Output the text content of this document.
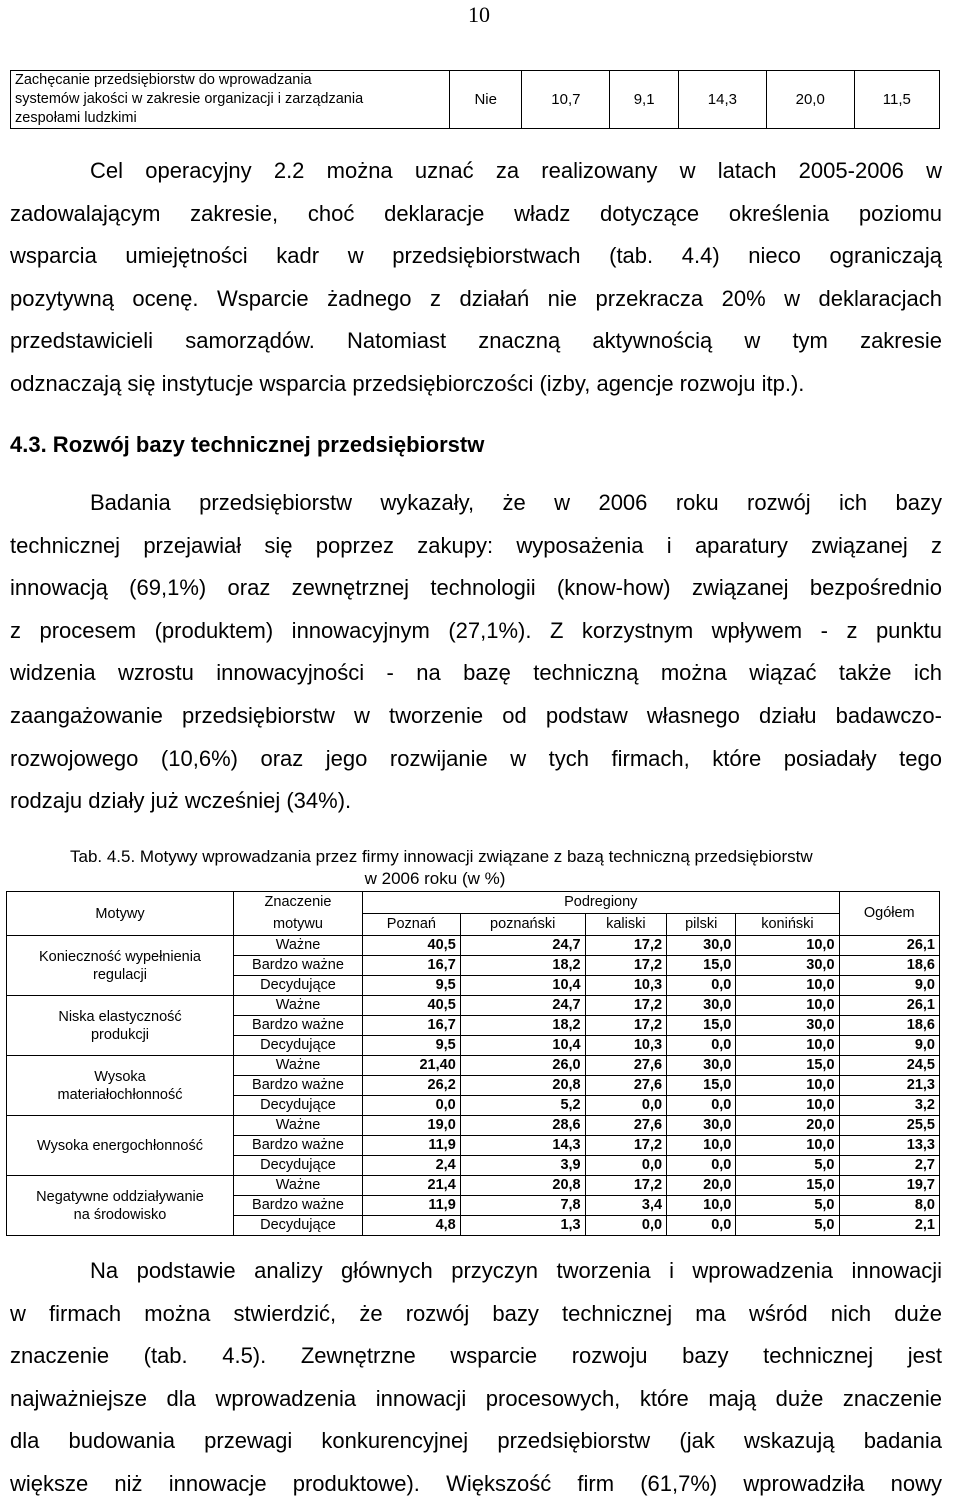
10
Zachęcanie przedsiębiorstw do wprowadzania
systemów jakości w zakresie organizacji i zarządzania
zespołami ludzkimi
	Nie	10,7	9,1	14,3	20,0	11,5
Cel operacyjny 2.2 można uznać za realizowany w latach 2005-2006 w
zadowalającym zakresie, choć deklaracje władz dotyczące określenia poziomu
wsparcia umiejętności kadr w przedsiębiorstwach (tab. 4.4) nieco ograniczają
pozytywną ocenę. Wsparcie żadnego z działań nie przekracza 20% w deklaracjach
przedstawicieli samorządów. Natomiast znaczną aktywnością w tym zakresie
odznaczają się instytucje wsparcia przedsiębiorczości (izby, agencje rozwoju itp.).
4.3. Rozwój bazy technicznej przedsiębiorstw
Badania przedsiębiorstw wykazały, że w 2006 roku rozwój ich bazy
technicznej przejawiał się poprzez zakupy: wyposażenia i aparatury związanej z
innowacją (69,1%) oraz zewnętrznej technologii (know-how) związanej bezpośrednio
z procesem (produktem) innowacyjnym (27,1%). Z korzystnym wpływem - z punktu
widzenia wzrostu innowacyjności - na bazę techniczną można wiązać także ich
zaangażowanie przedsiębiorstw w tworzenie od podstaw własnego działu badawczo-
rozwojowego (10,6%) oraz jego rozwijanie w tych firmach, które posiadały tego
rodzaju działy już wcześniej (34%).
Tab. 4.5. Motywy wprowadzania przez firmy innowacji związane z bazą techniczną przedsiębiorstw
w 2006 roku (w %)
Motywy	Znaczenie	Podregiony					Ogółem
	motywu	Poznań	poznański	kaliski	pilski	koniński	

Konieczność wypełnienia
regulacji	Ważne	40,5	24,7	17,2	30,0	10,0	26,1
	Bardzo ważne	16,7	18,2	17,2	15,0	30,0	18,6
	Decydujące	9,5	10,4	10,3	0,0	10,0	9,0

Niska elastyczność
produkcji	Ważne	40,5	24,7	17,2	30,0	10,0	26,1
	Bardzo ważne	16,7	18,2	17,2	15,0	30,0	18,6
	Decydujące	9,5	10,4	10,3	0,0	10,0	9,0

Wysoka
materiałochłonność	Ważne	21,40	26,0	27,6	30,0	15,0	24,5
	Bardzo ważne	26,2	20,8	27,6	15,0	10,0	21,3
	Decydujące	0,0	5,2	0,0	0,0	10,0	3,2

Wysoka energochłonność	Ważne	19,0	28,6	27,6	30,0	20,0	25,5
	Bardzo ważne	11,9	14,3	17,2	10,0	10,0	13,3
	Decydujące	2,4	3,9	0,0	0,0	5,0	2,7

Negatywne oddziaływanie
na środowisko	Ważne	21,4	20,8	17,2	20,0	15,0	19,7
	Bardzo ważne	11,9	7,8	3,4	10,0	5,0	8,0
	Decydujące	4,8	1,3	0,0	0,0	5,0	2,1
Na podstawie analizy głównych przyczyn tworzenia i wprowadzenia innowacji
w firmach można stwierdzić, że rozwój bazy technicznej ma wśród nich duże
znaczenie (tab. 4.5). Zewnętrzne wsparcie rozwoju bazy technicznej jest
najważniejsze dla wprowadzenia innowacji procesowych, które mają duże znaczenie
dla budowania przewagi konkurencyjnej przedsiębiorstw (jak wskazują badania
większe niż innowacje produktowe). Większość firm (61,7%) wprowadziła nowy
